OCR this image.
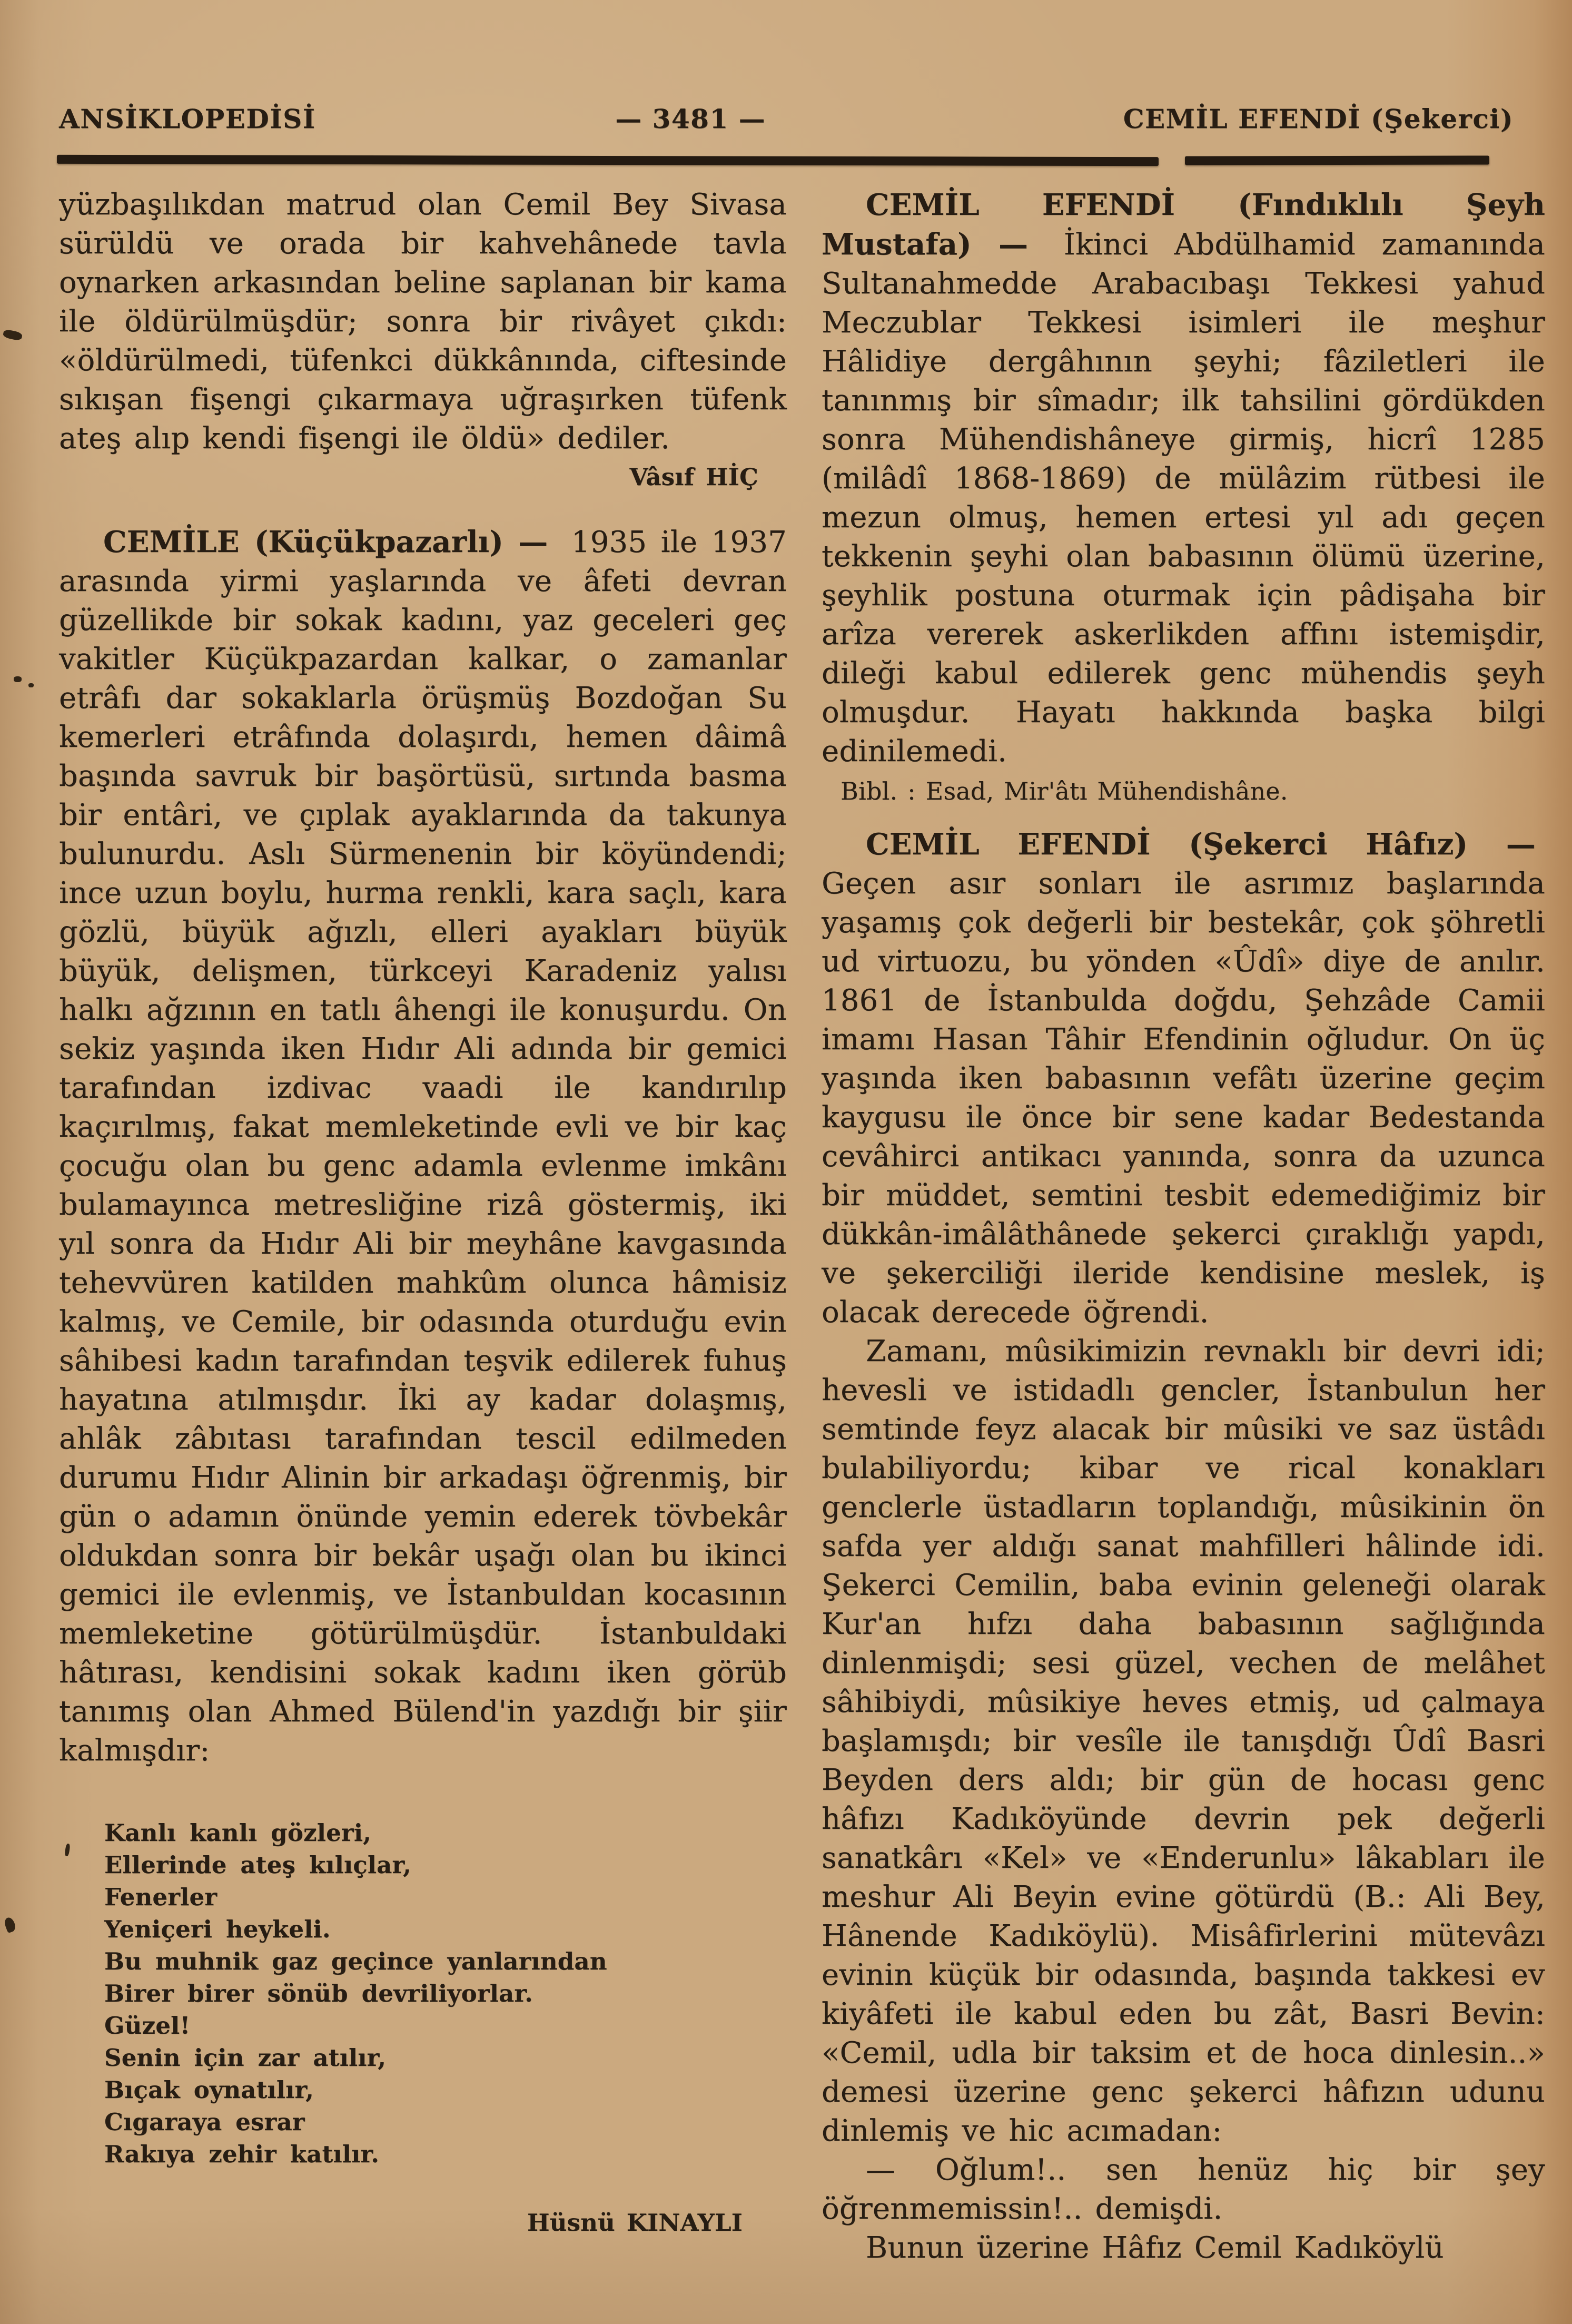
ANSİKLOPEDİSİ	— 3481 —	CEMİL EFENDİ (Şekerci)

yüzbaşılıkdan matrud olan Cemil Bey Sivasa sürüldü ve orada bir kahvehânede tavla oynarken arkasından beline saplanan bir kama ile öldürülmüşdür; sonra bir rivâyet çıkdı: «öldürülmedi, tüfenkci dükkânında, ciftesinde sıkışan fişengi çıkarmaya uğraşırken tüfenk ateş alıp kendi fişengi ile öldü» dediler.

Vâsıf HİÇ

CEMİLE (Küçükpazarlı) — 1935 ile 1937 arasında yirmi yaşlarında ve âfeti devran güzellikde bir sokak kadını, yaz geceleri geç vakitler Küçükpazardan kalkar, o zamanlar etrâfı dar sokaklarla örüşmüş Bozdoğan Su kemerleri etrâfında dolaşırdı, hemen dâimâ başında savruk bir başörtüsü, sırtında basma bir entâri, ve çıplak ayaklarında da takunya bulunurdu. Aslı Sürmenenin bir köyündendi; ince uzun boylu, hurma renkli, kara saçlı, kara gözlü, büyük ağızlı, elleri ayakları büyük büyük, delişmen, türkceyi Karadeniz yalısı halkı ağzının en tatlı âhengi ile konuşurdu. On sekiz yaşında iken Hıdır Ali adında bir gemici tarafından izdivac vaadi ile kandırılıp kaçırılmış, fakat memleketinde evli ve bir kaç çocuğu olan bu genc adamla evlenme imkânı bulamayınca metresliğine rizâ göstermiş, iki yıl sonra da Hıdır Ali bir meyhâne kavgasında tehevvüren katilden mahkûm olunca hâmisiz kalmış, ve Cemile, bir odasında oturduğu evin sâhibesi kadın tarafından teşvik edilerek fuhuş hayatına atılmışdır. İki ay kadar dolaşmış, ahlâk zâbıtası tarafından tescil edilmeden durumu Hıdır Alinin bir arkadaşı öğrenmiş, bir gün o adamın önünde yemin ederek tövbekâr oldukdan sonra bir bekâr uşağı olan bu ikinci gemici ile evlenmiş, ve İstanbuldan kocasının memleketine götürülmüşdür. İstanbuldaki hâtırası, kendisini sokak kadını iken görüb tanımış olan Ahmed Bülend'in yazdığı bir şiir kalmışdır:

Kanlı kanlı gözleri,
Ellerinde ateş kılıçlar,
Fenerler
Yeniçeri heykeli.
Bu muhnik gaz geçince yanlarından
Birer birer sönüb devriliyorlar.
Güzel!
Senin için zar atılır,
Bıçak oynatılır,
Cıgaraya esrar
Rakıya zehir katılır.

Hüsnü KINAYLI

CEMİL EFENDİ (Fındıklılı Şeyh Mustafa) — İkinci Abdülhamid zamanında Sultanahmedde Arabacıbaşı Tekkesi yahud Meczublar Tekkesi isimleri ile meşhur Hâlidiye dergâhının şeyhi; fâziletleri ile tanınmış bir sîmadır; ilk tahsilini gördükden sonra Mühendishâneye girmiş, hicrî 1285 (milâdî 1868-1869) de mülâzim rütbesi ile mezun olmuş, hemen ertesi yıl adı geçen tekkenin şeyhi olan babasının ölümü üzerine, şeyhlik postuna oturmak için pâdişaha bir arîza vererek askerlikden affını istemişdir, dileği kabul edilerek genc mühendis şeyh olmuşdur. Hayatı hakkında başka bilgi edinilemedi.

Bibl. : Esad, Mir'âtı Mühendishâne.

CEMİL EFENDİ (Şekerci Hâfız) — Geçen asır sonları ile asrımız başlarında yaşamış çok değerli bir bestekâr, çok şöhretli ud virtuozu, bu yönden «Ûdî» diye de anılır. 1861 de İstanbulda doğdu, Şehzâde Camii imamı Hasan Tâhir Efendinin oğludur. On üç yaşında iken babasının vefâtı üzerine geçim kaygusu ile önce bir sene kadar Bedestanda cevâhirci antikacı yanında, sonra da uzunca bir müddet, semtini tesbit edemediğimiz bir dükkân-imâlâthânede şekerci çıraklığı yapdı, ve şekerciliği ileride kendisine meslek, iş olacak derecede öğrendi.

Zamanı, mûsikimizin revnaklı bir devri idi; hevesli ve istidadlı gencler, İstanbulun her semtinde feyz alacak bir mûsiki ve saz üstâdı bulabiliyordu; kibar ve rical konakları genclerle üstadların toplandığı, mûsikinin ön safda yer aldığı sanat mahfilleri hâlinde idi. Şekerci Cemilin, baba evinin geleneği olarak Kur'an hıfzı daha babasının sağlığında dinlenmişdi; sesi güzel, vechen de melâhet sâhibiydi, mûsikiye heves etmiş, ud çalmaya başlamışdı; bir vesîle ile tanışdığı Ûdî Basri Beyden ders aldı; bir gün de hocası genc hâfızı Kadıköyünde devrin pek değerli sanatkârı «Kel» ve «Enderunlu» lâkabları ile meshur Ali Beyin evine götürdü (B.: Ali Bey, Hânende Kadıköylü). Misâfirlerini mütevâzı evinin küçük bir odasında, başında takkesi ev kiyâfeti ile kabul eden bu zât, Basri Bevin: «Cemil, udla bir taksim et de hoca dinlesin..» demesi üzerine genc şekerci hâfızın udunu dinlemiş ve hic acımadan:

— Oğlum!.. sen henüz hiç bir şey öğrenmemissin!.. demişdi.

Bunun üzerine Hâfız Cemil Kadıköylü
